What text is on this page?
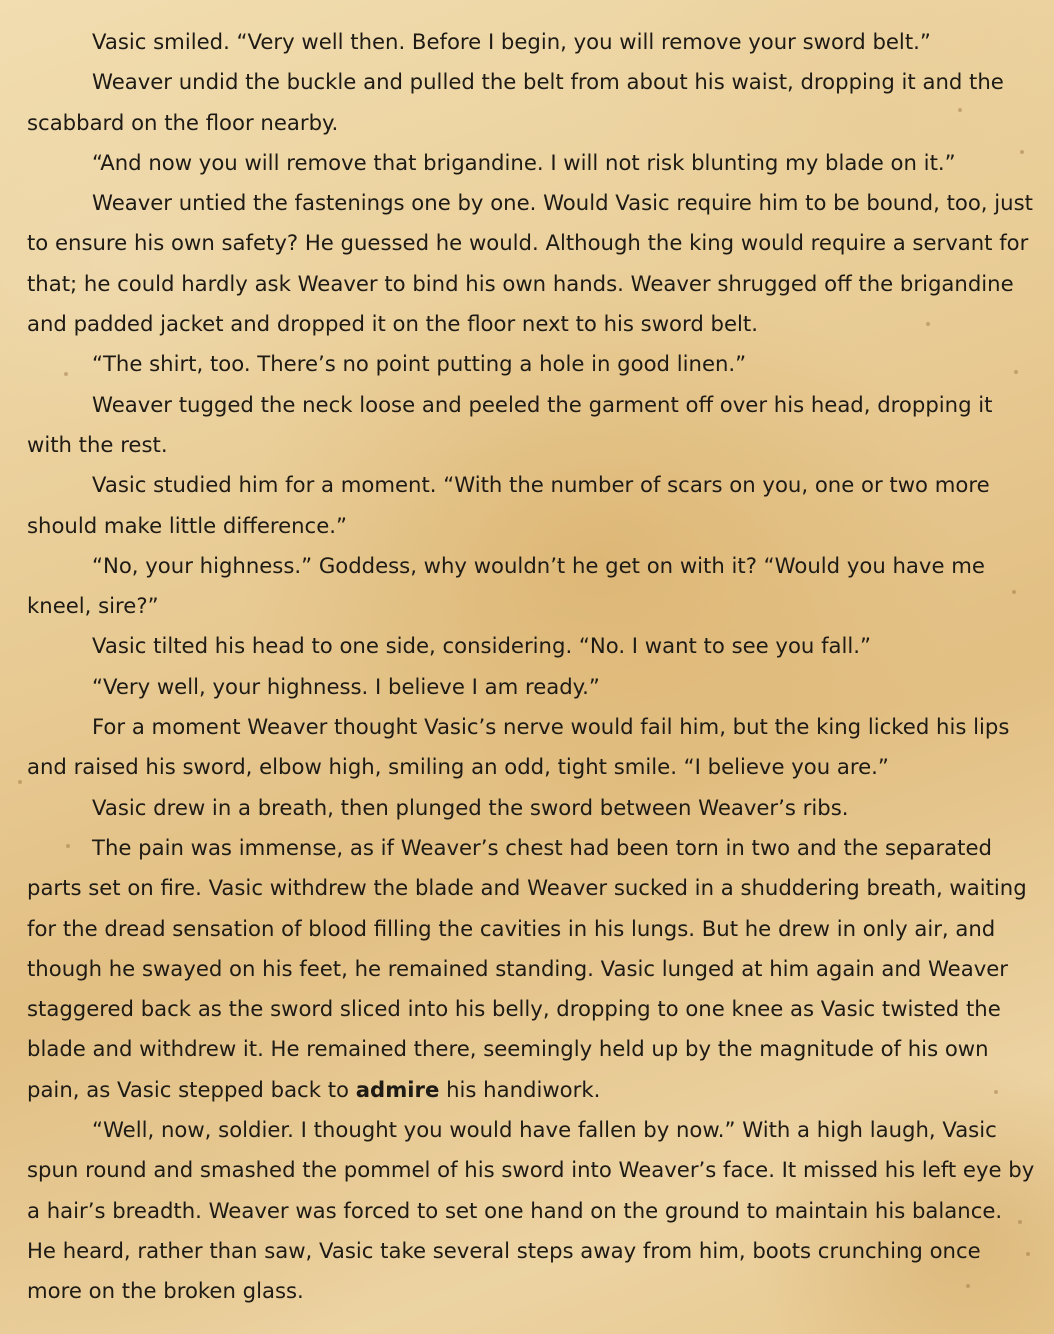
Vasic smiled. “Very well then. Before I begin, you will remove your sword belt.”

Weaver undid the buckle and pulled the belt from about his waist, dropping it and the scabbard on the floor nearby.

“And now you will remove that brigandine. I will not risk blunting my blade on it.”

Weaver untied the fastenings one by one. Would Vasic require him to be bound, too, just to ensure his own safety? He guessed he would. Although the king would require a servant for that; he could hardly ask Weaver to bind his own hands. Weaver shrugged off the brigandine and padded jacket and dropped it on the floor next to his sword belt.

“The shirt, too. There’s no point putting a hole in good linen.”

Weaver tugged the neck loose and peeled the garment off over his head, dropping it with the rest.

Vasic studied him for a moment. “With the number of scars on you, one or two more should make little difference.”

“No, your highness.” Goddess, why wouldn’t he get on with it? “Would you have me kneel, sire?”

Vasic tilted his head to one side, considering. “No. I want to see you fall.”

“Very well, your highness. I believe I am ready.”

For a moment Weaver thought Vasic’s nerve would fail him, but the king licked his lips and raised his sword, elbow high, smiling an odd, tight smile. “I believe you are.”

Vasic drew in a breath, then plunged the sword between Weaver’s ribs.

The pain was immense, as if Weaver’s chest had been torn in two and the separated parts set on fire. Vasic withdrew the blade and Weaver sucked in a shuddering breath, waiting for the dread sensation of blood filling the cavities in his lungs. But he drew in only air, and though he swayed on his feet, he remained standing. Vasic lunged at him again and Weaver staggered back as the sword sliced into his belly, dropping to one knee as Vasic twisted the blade and withdrew it. He remained there, seemingly held up by the magnitude of his own pain, as Vasic stepped back to admire his handiwork.

“Well, now, soldier. I thought you would have fallen by now.” With a high laugh, Vasic spun round and smashed the pommel of his sword into Weaver’s face. It missed his left eye by a hair’s breadth. Weaver was forced to set one hand on the ground to maintain his balance. He heard, rather than saw, Vasic take several steps away from him, boots crunching once more on the broken glass.
